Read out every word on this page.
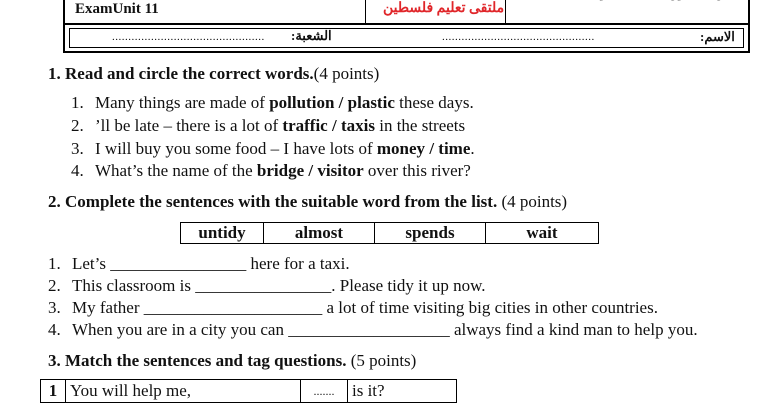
ExamUnit 11	ملتقى تعليم فلسطين
............................................... الشعبة:	...............................................	الاسم:
1. Read and circle the correct words.(4 points)
1. Many things are made of pollution / plastic these days.
2. ’ll be late – there is a lot of traffic / taxis in the streets
3. I will buy you some food – I have lots of money / time.
4. What’s the name of the bridge / visitor over this river?
2. Complete the sentences with the suitable word from the list. (4 points)
untidy	almost	spends	wait
1. Let’s ________________ here for a taxi.
2. This classroom is ________________. Please tidy it up now.
3. My father _____________________ a lot of time visiting big cities in other countries.
4. When you are in a city you can ___________________ always find a kind man to help you.
3. Match the sentences and tag questions. (5 points)
1	You will help me,	.......	is it?
